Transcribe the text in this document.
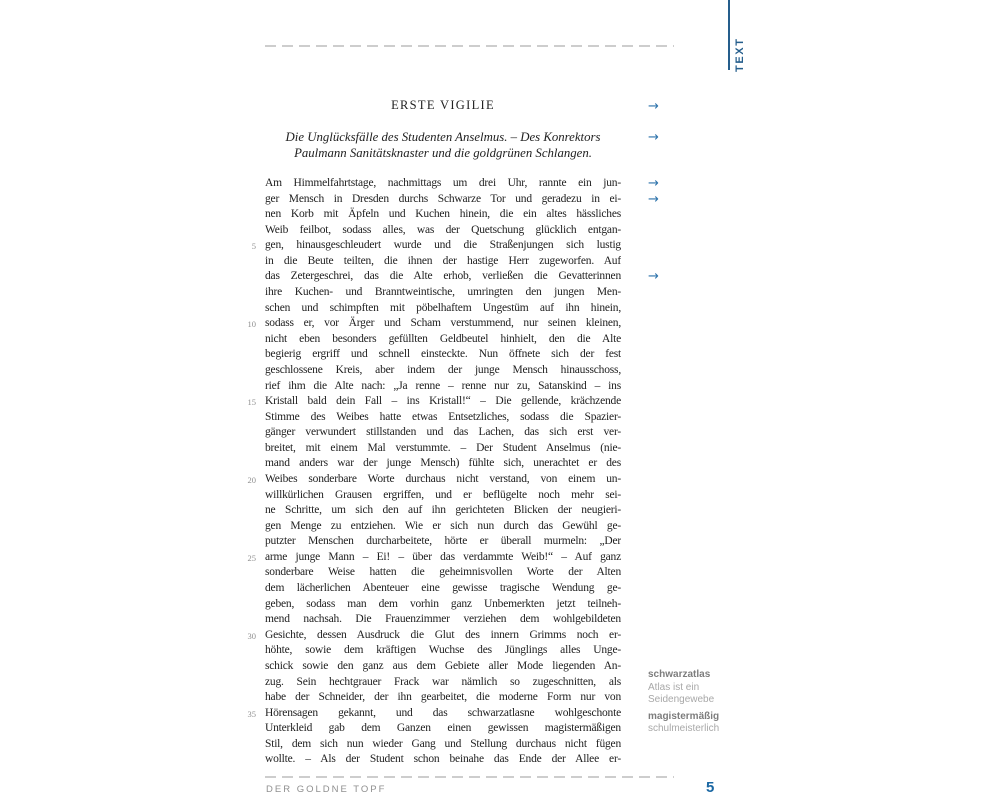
TEXT
ERSTE VIGILIE	→
Die Unglücksfälle des Studenten Anselmus. – Des Konrektors
Paulmann Sanitätsknaster und die goldgrünen Schlangen.
→
Am Himmelfahrtstage, nachmittags um drei Uhr, rannte ein jun- →
ger Mensch in Dresden durchs Schwarze Tor und geradezu in ei- →
nen Korb mit Äpfeln und Kuchen hinein, die ein altes hässliches
Weib feilbot, sodass alles, was der Quetschung glücklich entgan-
5 gen, hinausgeschleudert wurde und die Straßenjungen sich lustig
in die Beute teilten, die ihnen der hastige Herr zugeworfen. Auf
das Zetergeschrei, das die Alte erhob, verließen die Gevatterinnen →
ihre Kuchen- und Branntweintische, umringten den jungen Men-
schen und schimpften mit pöbelhaftem Ungestüm auf ihn hinein,
10 sodass er, vor Ärger und Scham verstummend, nur seinen kleinen,
nicht eben besonders gefüllten Geldbeutel hinhielt, den die Alte
begierig ergriff und schnell einsteckte. Nun öffnete sich der fest
geschlossene Kreis, aber indem der junge Mensch hinausschoss,
rief ihm die Alte nach: „Ja renne – renne nur zu, Satanskind – ins
15 Kristall bald dein Fall – ins Kristall!“ – Die gellende, krächzende
Stimme des Weibes hatte etwas Entsetzliches, sodass die Spazier-
gänger verwundert stillstanden und das Lachen, das sich erst ver-
breitet, mit einem Mal verstummte. – Der Student Anselmus (nie-
mand anders war der junge Mensch) fühlte sich, unerachtet er des
20 Weibes sonderbare Worte durchaus nicht verstand, von einem un-
willkürlichen Grausen ergriffen, und er beflügelte noch mehr sei-
ne Schritte, um sich den auf ihn gerichteten Blicken der neugieri-
gen Menge zu entziehen. Wie er sich nun durch das Gewühl ge-
putzter Menschen durcharbeitete, hörte er überall murmeln: „Der
25 arme junge Mann – Ei! – über das verdammte Weib!“ – Auf ganz
sonderbare Weise hatten die geheimnisvollen Worte der Alten
dem lächerlichen Abenteuer eine gewisse tragische Wendung ge-
geben, sodass man dem vorhin ganz Unbemerkten jetzt teilneh-
mend nachsah. Die Frauenzimmer verziehen dem wohlgebildeten
30 Gesichte, dessen Ausdruck die Glut des innern Grimms noch er-
höhte, sowie dem kräftigen Wuchse des Jünglings alles Unge-
schick sowie den ganz aus dem Gebiete aller Mode liegenden An-
zug. Sein hechtgrauer Frack war nämlich so zugeschnitten, als
habe der Schneider, der ihn gearbeitet, die moderne Form nur von
35 Hörensagen gekannt, und das schwarzatlasne wohlgeschonte
Unterkleid gab dem Ganzen einen gewissen magistermäßigen
Stil, dem sich nun wieder Gang und Stellung durchaus nicht fügen
wollte. – Als der Student schon beinahe das Ende der Allee er-
schwarzatlas
Atlas ist ein
Seidengewebe
magistermäßig
schulmeisterlich
DER GOLDNE TOPF	5
